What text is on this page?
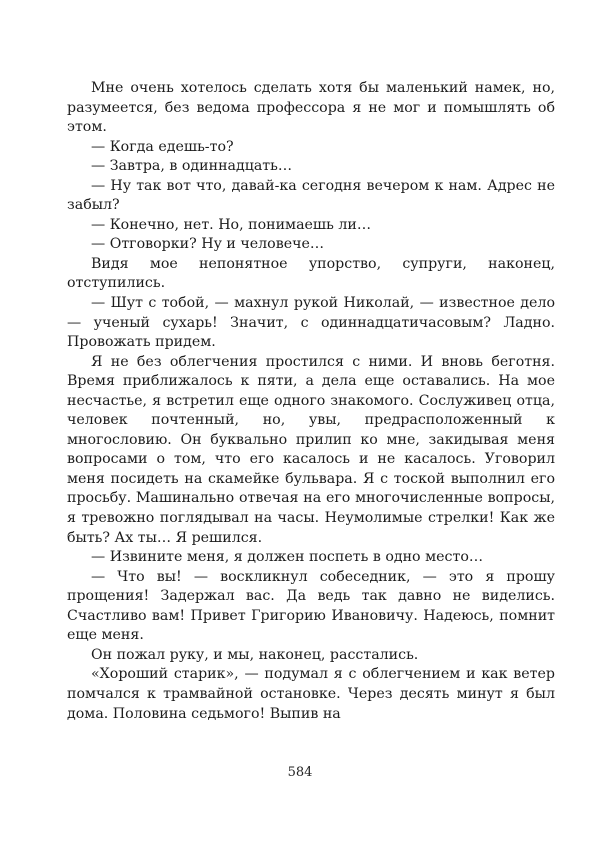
Мне очень хотелось сделать хотя бы маленький намек, но, разумеется, без ведома профессора я не мог и помышлять об этом.

— Когда едешь-то?

— Завтра, в одиннадцать…

— Ну так вот что, давай-ка сегодня вечером к нам. Адрес не забыл?

— Конечно, нет. Но, понимаешь ли…

— Отговорки? Ну и человече…

Видя мое непонятное упорство, супруги, наконец, отступились.

— Шут с тобой, — махнул рукой Николай, — известное дело — ученый сухарь! Значит, с одиннадцатичасовым? Ладно. Провожать придем.

Я не без облегчения простился с ними. И вновь беготня. Время приближалось к пяти, а дела еще оставались. На мое несчастье, я встретил еще одного знакомого. Сослуживец отца, человек почтенный, но, увы, предрасположенный к многословию. Он буквально прилип ко мне, закидывая меня вопросами о том, что его касалось и не касалось. Уговорил меня посидеть на скамейке бульвара. Я с тоской выполнил его просьбу. Машинально отвечая на его многочисленные вопросы, я тревожно поглядывал на часы. Неумолимые стрелки! Как же быть? Ах ты… Я решился.

— Извините меня, я должен поспеть в одно место…

— Что вы! — воскликнул собеседник, — это я прошу прощения! Задержал вас. Да ведь так давно не виделись. Счастливо вам! Привет Григорию Ивановичу. Надеюсь, помнит еще меня.

Он пожал руку, и мы, наконец, расстались.

«Хороший старик», — подумал я с облегчением и как ветер помчался к трамвайной остановке. Через десять минут я был дома. Половина седьмого! Выпив на

584
